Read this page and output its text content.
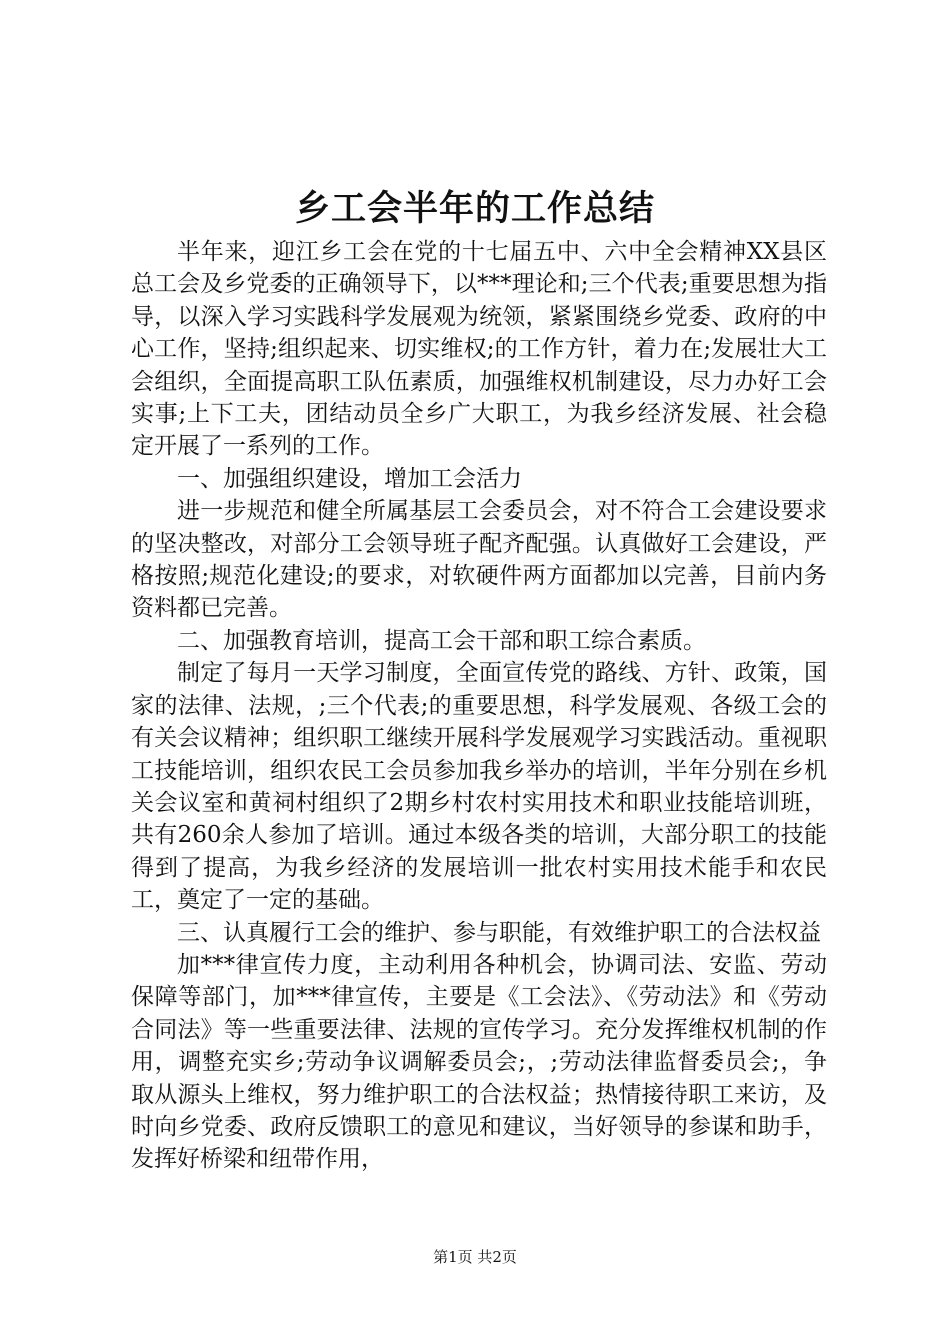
乡工会半年的工作总结

半年来，迎江乡工会在党的十七届五中、六中全会精神XX县区总工会及乡党委的正确领导下，以***理论和;三个代表;重要思想为指导，以深入学习实践科学发展观为统领，紧紧围绕乡党委、政府的中心工作，坚持;组织起来、切实维权;的工作方针，着力在;发展壮大工会组织，全面提高职工队伍素质，加强维权机制建设，尽力办好工会实事;上下工夫，团结动员全乡广大职工，为我乡经济发展、社会稳定开展了一系列的工作。

一、加强组织建设，增加工会活力

进一步规范和健全所属基层工会委员会，对不符合工会建设要求的坚决整改，对部分工会领导班子配齐配强。认真做好工会建设，严格按照;规范化建设;的要求，对软硬件两方面都加以完善，目前内务资料都已完善。

二、加强教育培训，提高工会干部和职工综合素质。

制定了每月一天学习制度，全面宣传党的路线、方针、政策，国家的法律、法规，;三个代表;的重要思想，科学发展观、各级工会的有关会议精神；组织职工继续开展科学发展观学习实践活动。重视职工技能培训，组织农民工会员参加我乡举办的培训，半年分别在乡机关会议室和黄祠村组织了2期乡村农村实用技术和职业技能培训班，共有260余人参加了培训。通过本级各类的培训，大部分职工的技能得到了提高，为我乡经济的发展培训一批农村实用技术能手和农民工，奠定了一定的基础。

三、认真履行工会的维护、参与职能，有效维护职工的合法权益

加***律宣传力度，主动利用各种机会，协调司法、安监、劳动保障等部门，加***律宣传，主要是《工会法》、《劳动法》和《劳动合同法》等一些重要法律、法规的宣传学习。充分发挥维权机制的作用，调整充实乡;劳动争议调解委员会;，;劳动法律监督委员会;，争取从源头上维权，努力维护职工的合法权益；热情接待职工来访，及时向乡党委、政府反馈职工的意见和建议，当好领导的参谋和助手，发挥好桥梁和纽带作用，

第1页 共2页
